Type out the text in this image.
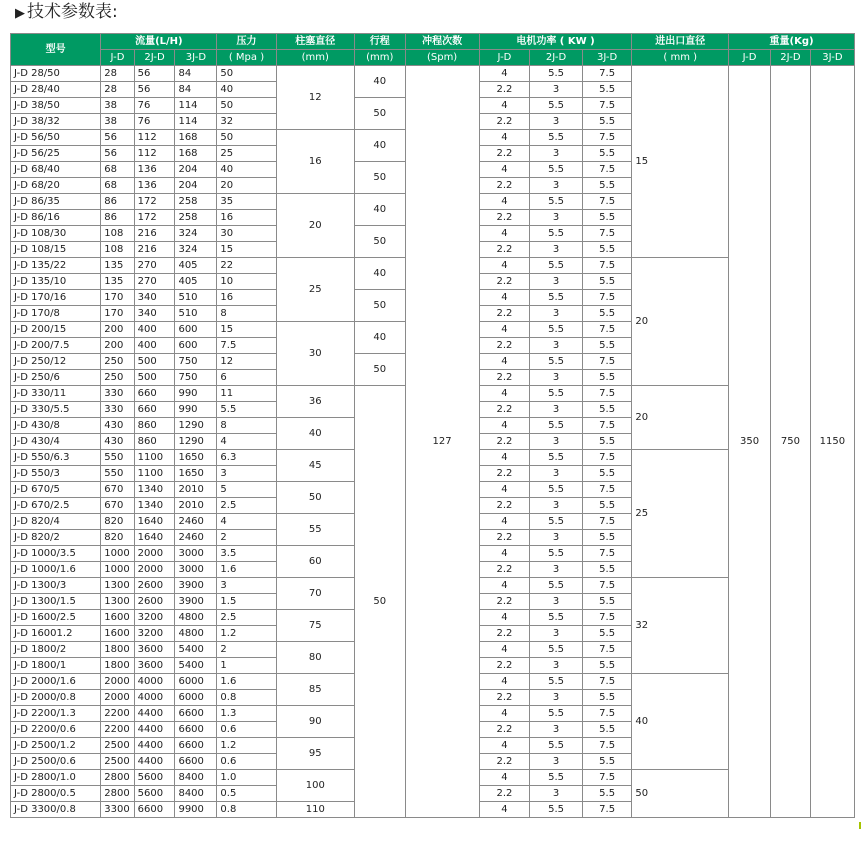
▶ 技术参数表:
型号	流量(L/H)			压力	柱塞直径	行程	冲程次数	电机功率 ( KW )			进出口直径	重量(Kg)		
	J-D	2J-D	3J-D	( Mpa )	(mm)	(mm)	(Spm)	J-D	2J-D	3J-D	( mm )	J-D	2J-D	3J-D
J-D 28/50	28	56	84	50	12	40	127	4	5.5	7.5	15	350	750	1150
J-D 28/40	28	56	84	40				2.2	3	5.5				
J-D 38/50	38	76	114	50		50		4	5.5	7.5				
J-D 38/32	38	76	114	32				2.2	3	5.5				
J-D 56/50	56	112	168	50	16	40		4	5.5	7.5				
J-D 56/25	56	112	168	25				2.2	3	5.5				
J-D 68/40	68	136	204	40		50		4	5.5	7.5				
J-D 68/20	68	136	204	20				2.2	3	5.5				
J-D 86/35	86	172	258	35	20	40		4	5.5	7.5				
J-D 86/16	86	172	258	16				2.2	3	5.5				
J-D 108/30	108	216	324	30		50		4	5.5	7.5				
J-D 108/15	108	216	324	15				2.2	3	5.5				
J-D 135/22	135	270	405	22	25	40		4	5.5	7.5	20			
J-D 135/10	135	270	405	10				2.2	3	5.5				
J-D 170/16	170	340	510	16		50		4	5.5	7.5				
J-D 170/8	170	340	510	8				2.2	3	5.5				
J-D 200/15	200	400	600	15	30	40		4	5.5	7.5				
J-D 200/7.5	200	400	600	7.5				2.2	3	5.5				
J-D 250/12	250	500	750	12		50		4	5.5	7.5				
J-D 250/6	250	500	750	6				2.2	3	5.5				
J-D 330/11	330	660	990	11	36	50		4	5.5	7.5	20			
J-D 330/5.5	330	660	990	5.5				2.2	3	5.5				
J-D 430/8	430	860	1290	8	40			4	5.5	7.5				
J-D 430/4	430	860	1290	4				2.2	3	5.5				
J-D 550/6.3	550	1100	1650	6.3	45			4	5.5	7.5	25			
J-D 550/3	550	1100	1650	3				2.2	3	5.5				
J-D 670/5	670	1340	2010	5	50			4	5.5	7.5				
J-D 670/2.5	670	1340	2010	2.5				2.2	3	5.5				
J-D 820/4	820	1640	2460	4	55			4	5.5	7.5				
J-D 820/2	820	1640	2460	2				2.2	3	5.5				
J-D 1000/3.5	1000	2000	3000	3.5	60			4	5.5	7.5				
J-D 1000/1.6	1000	2000	3000	1.6				2.2	3	5.5				
J-D 1300/3	1300	2600	3900	3	70			4	5.5	7.5	32			
J-D 1300/1.5	1300	2600	3900	1.5				2.2	3	5.5				
J-D 1600/2.5	1600	3200	4800	2.5	75			4	5.5	7.5				
J-D 16001.2	1600	3200	4800	1.2				2.2	3	5.5				
J-D 1800/2	1800	3600	5400	2	80			4	5.5	7.5				
J-D 1800/1	1800	3600	5400	1				2.2	3	5.5				
J-D 2000/1.6	2000	4000	6000	1.6	85			4	5.5	7.5	40			
J-D 2000/0.8	2000	4000	6000	0.8				2.2	3	5.5				
J-D 2200/1.3	2200	4400	6600	1.3	90			4	5.5	7.5				
J-D 2200/0.6	2200	4400	6600	0.6				2.2	3	5.5				
J-D 2500/1.2	2500	4400	6600	1.2	95			4	5.5	7.5				
J-D 2500/0.6	2500	4400	6600	0.6				2.2	3	5.5				
J-D 2800/1.0	2800	5600	8400	1.0	100			4	5.5	7.5	50			
J-D 2800/0.5	2800	5600	8400	0.5				2.2	3	5.5				
J-D 3300/0.8	3300	6600	9900	0.8	110			4	5.5	7.5				
